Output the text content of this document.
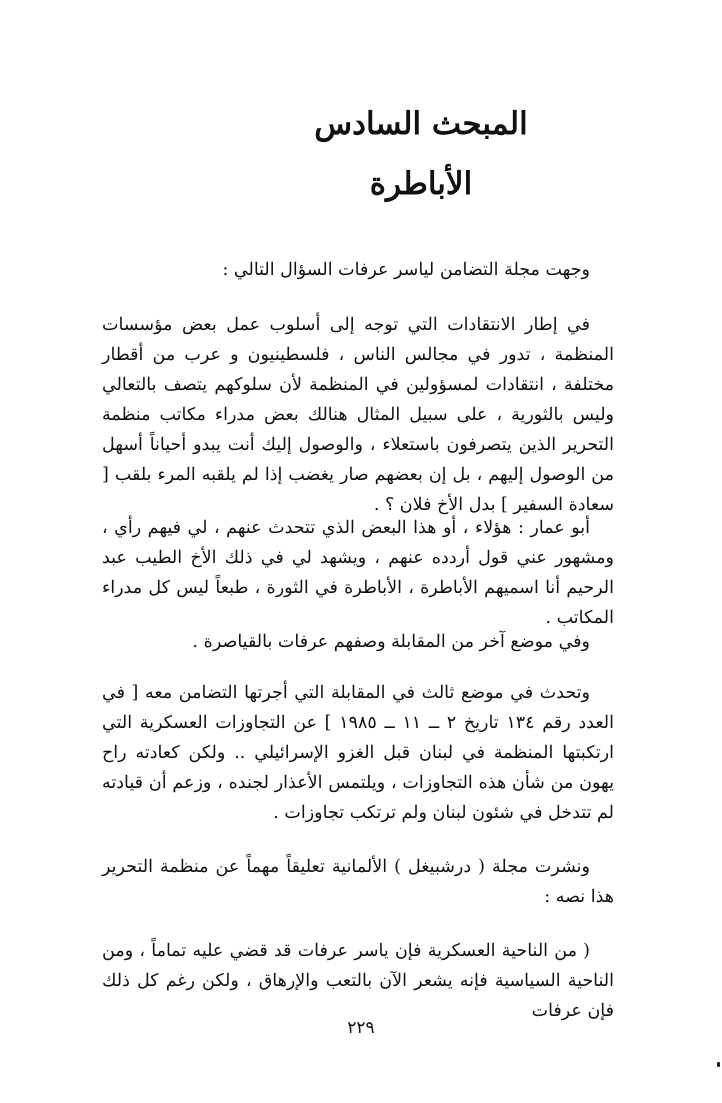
المبحث السادس
الأباطرة
وجهت مجلة التضامن لياسر عرفات السؤال التالي :
في إطار الانتقادات التي توجه إلى أسلوب عمل بعض مؤسسات المنظمة ، تدور في مجالس الناس ، فلسطينيون و عرب من أقطار مختلفة ، انتقادات لمسؤولين في المنظمة لأن سلوكهم يتصف بالتعالي وليس بالثورية ، على سبيل المثال هنالك بعض مدراء مكاتب منظمة التحرير الذين يتصرفون باستعلاء ، والوصول إليك أنت يبدو أحياناً أسهل من الوصول إليهم ، بل إن بعضهم صار يغضب إذا لم يلقبه المرء بلقب [ سعادة السفير ] بدل الأخ فلان ؟ .
أبو عمار : هؤلاء ، أو هذا البعض الذي تتحدث عنهم ، لي فيهم رأي ، ومشهور عني قول أردده عنهم ، ويشهد لي في ذلك الأخ الطيب عبد الرحيم أنا اسميهم الأباطرة ، الأباطرة في الثورة ، طبعاً ليس كل مدراء المكاتب .
وفي موضع آخر من المقابلة وصفهم عرفات بالقياصرة .
وتحدث في موضع ثالث في المقابلة التي أجرتها التضامن معه [ في العدد رقم ١٣٤ تاريخ ٢ ــ ١١ ــ ١٩٨٥ ] عن التجاوزات العسكرية التي ارتكبتها المنظمة في لبنان قبل الغزو الإسرائيلي .. ولكن كعادته راح يهون من شأن هذه التجاوزات ، ويلتمس الأعذار لجنده ، وزعم أن قيادته لم تتدخل في شئون لبنان ولم ترتكب تجاوزات .
ونشرت مجلة ( درشبيغل ) الألمانية تعليقاً مهماً عن منظمة التحرير هذا نصه :
( من الناحية العسكرية فإن ياسر عرفات قد قضي عليه تماماً ، ومن الناحية السياسية فإنه يشعر الآن بالتعب والإرهاق ، ولكن رغم كل ذلك فإن عرفات
٢٢٩
